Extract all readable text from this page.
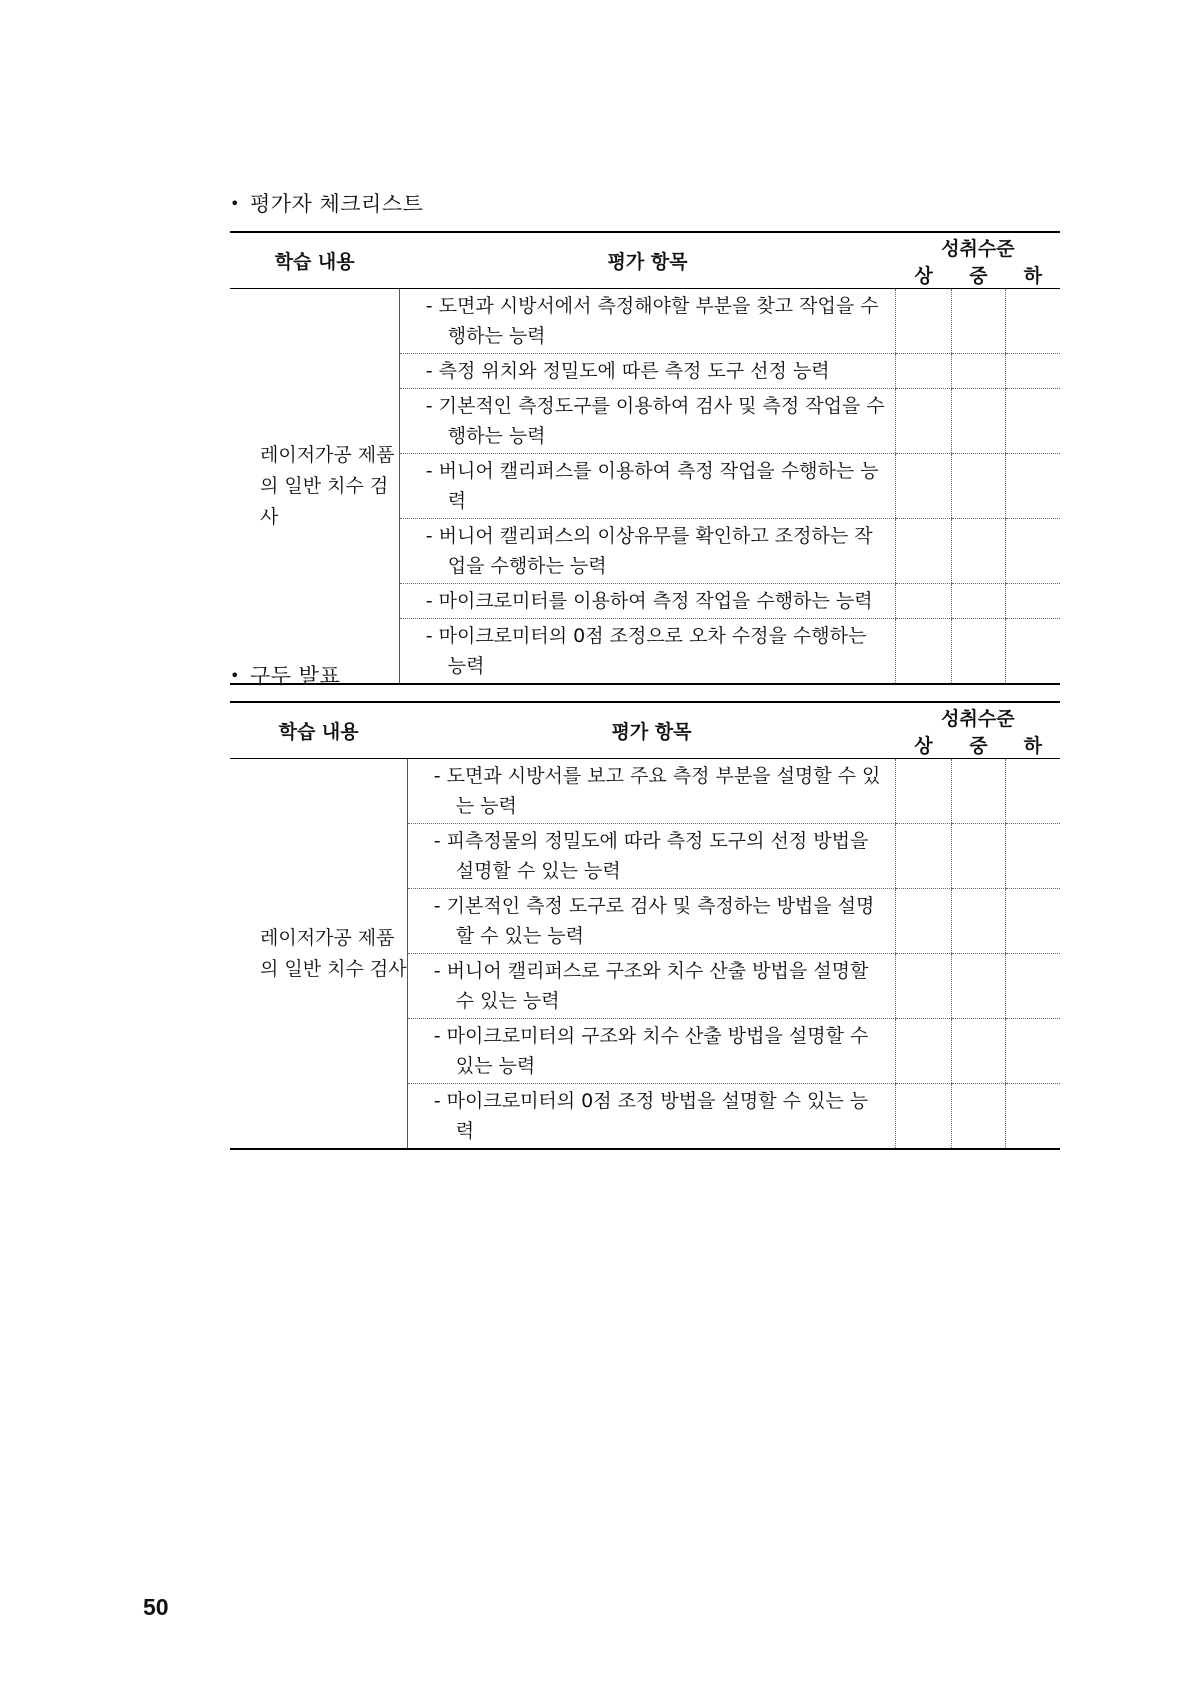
• 평가자 체크리스트
학습 내용	평가 항목	성취수준		
		상	중	하
레이저가공 제품의 일반 치수 검사	- 도면과 시방서에서 측정해야할 부분을 찾고 작업을 수행하는 능력			
	- 측정 위치와 정밀도에 따른 측정 도구 선정 능력			
	- 기본적인 측정도구를 이용하여 검사 및 측정 작업을 수행하는 능력			
	- 버니어 캘리퍼스를 이용하여 측정 작업을 수행하는 능력			
	- 버니어 캘리퍼스의 이상유무를 확인하고 조정하는 작업을 수행하는 능력			
	- 마이크로미터를 이용하여 측정 작업을 수행하는 능력			
	- 마이크로미터의 0점 조정으로 오차 수정을 수행하는 능력			
• 구두 발표
학습 내용	평가 항목	성취수준		
		상	중	하
레이저가공 제품의 일반 치수 검사	- 도면과 시방서를 보고 주요 측정 부분을 설명할 수 있는 능력			
	- 피측정물의 정밀도에 따라 측정 도구의 선정 방법을 설명할 수 있는 능력			
	- 기본적인 측정 도구로 검사 및 측정하는 방법을 설명할 수 있는 능력			
	- 버니어 캘리퍼스로 구조와 치수 산출 방법을 설명할 수 있는 능력			
	- 마이크로미터의 구조와 치수 산출 방법을 설명할 수 있는 능력			
	- 마이크로미터의 0점 조정 방법을 설명할 수 있는 능력			
50
